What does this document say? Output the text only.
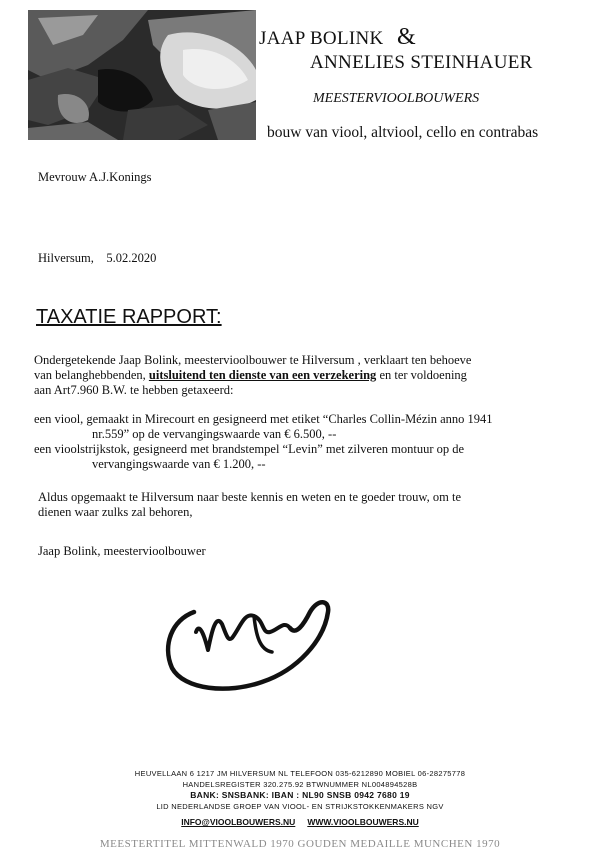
JAAP BOLINK &
ANNELIES STEINHAUER
MEESTERVIOOLBOUWERS
bouw van viool, altviool, cello en contrabas
Mevrouw A.J.Konings
Hilversum,    5.02.2020
TAXATIE RAPPORT:
Ondergetekende Jaap Bolink, meestervioolbouwer te Hilversum , verklaart ten behoeve
van belanghebbenden, uitsluitend ten dienste van een verzekering en ter voldoening
aan Art7.960 B.W. te hebben getaxeerd:
een viool, gemaakt in Mirecourt en gesigneerd met etiket “Charles Collin-Mézin anno 1941
nr.559” op de vervangingswaarde van € 6.500, --
een vioolstrijkstok, gesigneerd met brandstempel “Levin” met zilveren montuur op de
vervangingswaarde van € 1.200, --
Aldus opgemaakt te Hilversum naar beste kennis en weten en te goeder trouw, om te
dienen waar zulks zal behoren,
Jaap Bolink, meestervioolbouwer
HEUVELLAAN 6 1217 JM HILVERSUM NL TELEFOON 035-6212890 MOBIEL 06-28275778
HANDELSREGISTER 320.275.92 BTWNUMMER NL004894528B
BANK: SNSBANK: IBAN : NL90 SNSB 0942 7680 19
LID NEDERLANDSE GROEP VAN VIOOL- EN STRIJKSTOKKENMAKERS NGV
INFO@VIOOLBOUWERS.NU WWW.VIOOLBOUWERS.NU
MEESTERTITEL MITTENWALD 1970 GOUDEN MEDAILLE MUNCHEN 1970
